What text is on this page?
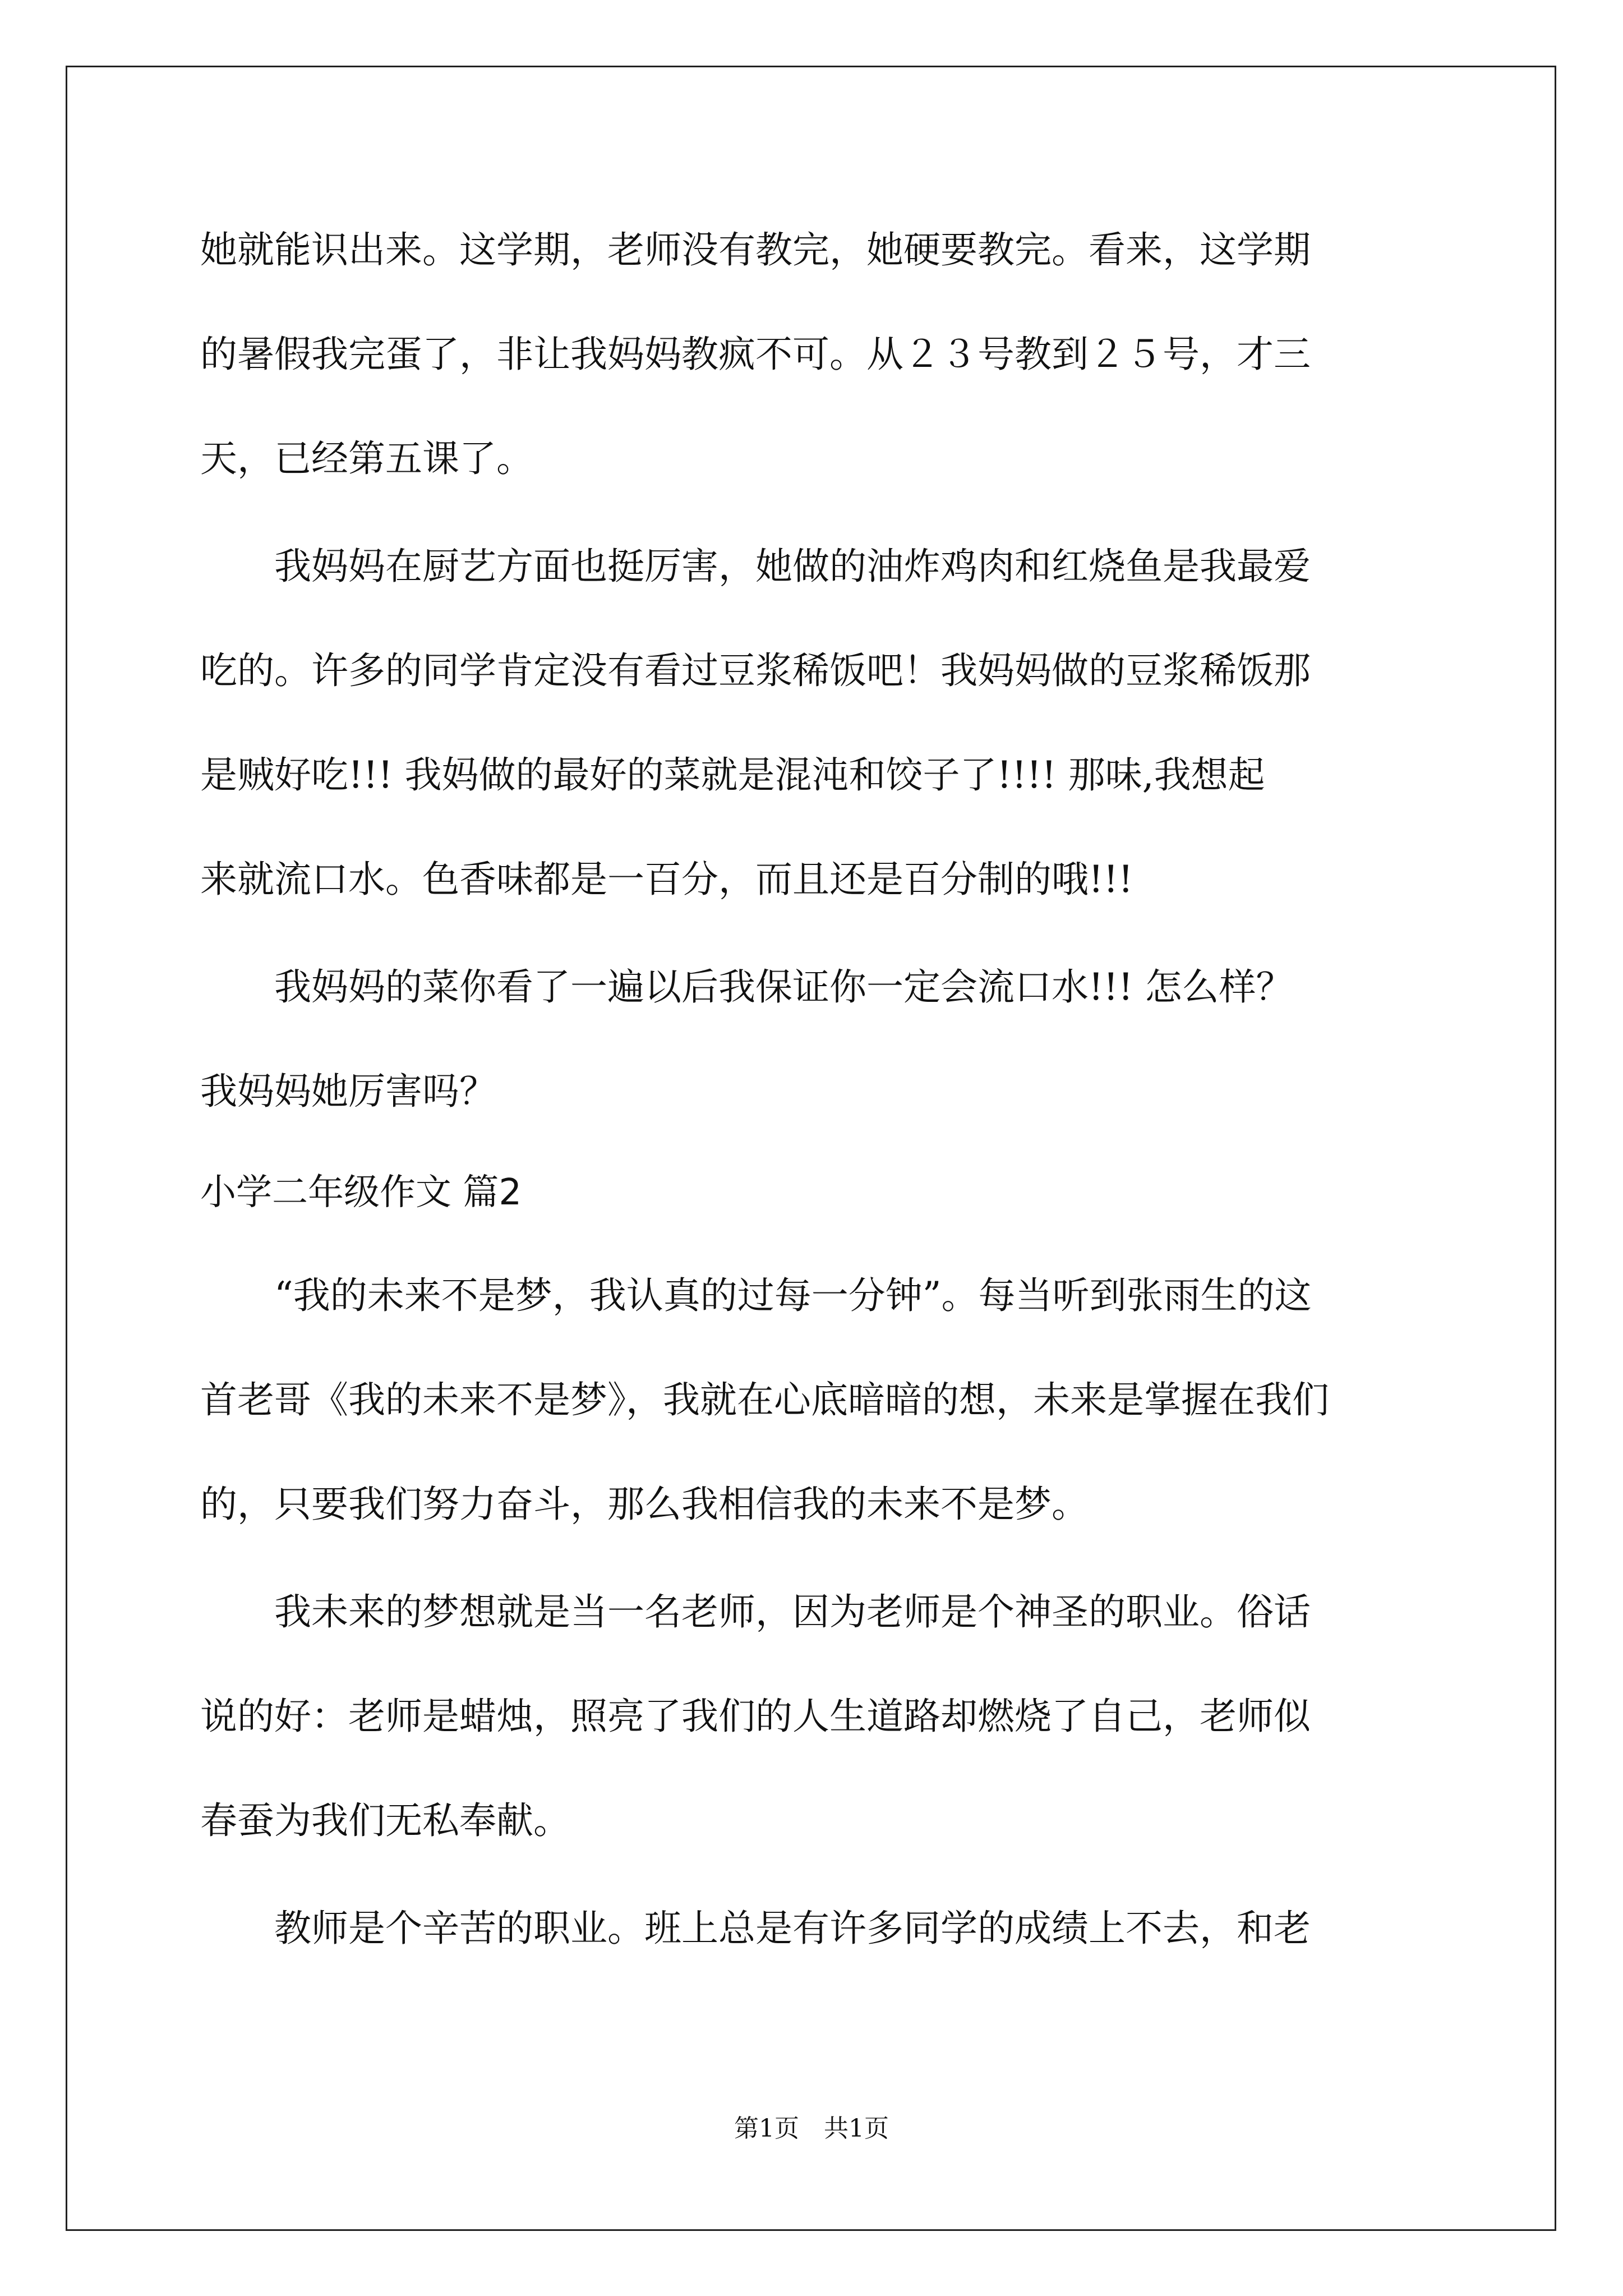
她就能识出来。这学期，老师没有教完，她硬要教完。看来，这学期

的暑假我完蛋了，非让我妈妈教疯不可。从２３号教到２５号，才三

天，已经第五课了。

　　我妈妈在厨艺方面也挺厉害，她做的油炸鸡肉和红烧鱼是我最爱

吃的。许多的同学肯定没有看过豆浆稀饭吧！我妈妈做的豆浆稀饭那

是贼好吃!!! 我妈做的最好的菜就是混沌和饺子了!!!! 那味,我想起

来就流口水。色香味都是一百分，而且还是百分制的哦!!!

　　我妈妈的菜你看了一遍以后我保证你一定会流口水!!! 怎么样？

我妈妈她厉害吗？

小学二年级作文 篇2

　　“我的未来不是梦，我认真的过每一分钟”。每当听到张雨生的这

首老哥《我的未来不是梦》，我就在心底暗暗的想，未来是掌握在我们

的，只要我们努力奋斗，那么我相信我的未来不是梦。

　　我未来的梦想就是当一名老师，因为老师是个神圣的职业。俗话

说的好：老师是蜡烛，照亮了我们的人生道路却燃烧了自己，老师似

春蚕为我们无私奉献。

　　教师是个辛苦的职业。班上总是有许多同学的成绩上不去，和老

第1页　共1页
